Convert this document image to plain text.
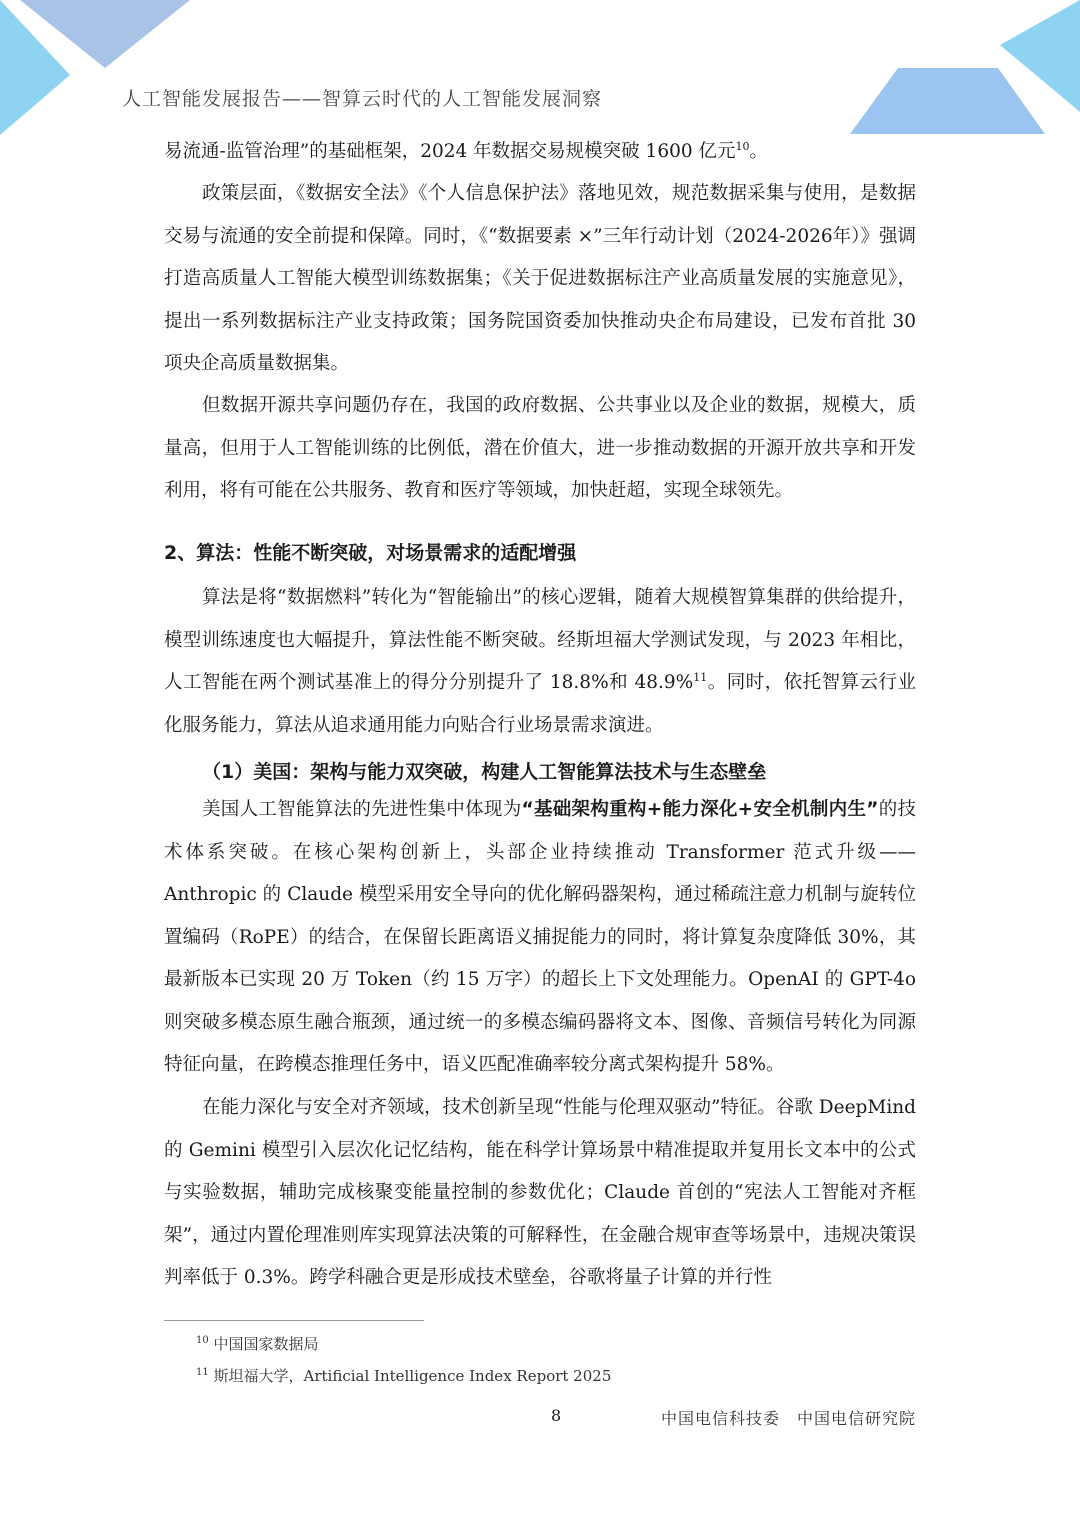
人工智能发展报告——智算云时代的人工智能发展洞察

易流通-监管治理”的基础框架，2024 年数据交易规模突破 1600 亿元$^{10}$。

政策层面，《数据安全法》《个人信息保护法》落地见效，规范数据采集与使用，是数据交易与流通的安全前提和保障。同时，《“数据要素 ×”三年行动计划（2024-2026年）》强调打造高质量人工智能大模型训练数据集；《关于促进数据标注产业高质量发展的实施意见》，提出一系列数据标注产业支持政策；国务院国资委加快推动央企布局建设，已发布首批 30 项央企高质量数据集。

但数据开源共享问题仍存在，我国的政府数据、公共事业以及企业的数据，规模大，质量高，但用于人工智能训练的比例低，潜在价值大，进一步推动数据的开源开放共享和开发利用，将有可能在公共服务、教育和医疗等领域，加快赶超，实现全球领先。

2、算法：性能不断突破，对场景需求的适配增强

算法是将“数据燃料”转化为“智能输出”的核心逻辑，随着大规模智算集群的供给提升，模型训练速度也大幅提升，算法性能不断突破。经斯坦福大学测试发现，与 2023 年相比，人工智能在两个测试基准上的得分分别提升了 18.8%和 48.9%$^{11}$。同时，依托智算云行业化服务能力，算法从追求通用能力向贴合行业场景需求演进。

（1）美国：架构与能力双突破，构建人工智能算法技术与生态壁垒

美国人工智能算法的先进性集中体现为“基础架构重构+能力深化+安全机制内生”的技术体系突破。在核心架构创新上，头部企业持续推动 Transformer 范式升级——Anthropic 的 Claude 模型采用安全导向的优化解码器架构，通过稀疏注意力机制与旋转位置编码（RoPE）的结合，在保留长距离语义捕捉能力的同时，将计算复杂度降低 30%，其最新版本已实现 20 万 Token（约 15 万字）的超长上下文处理能力。OpenAI 的 GPT-4o 则突破多模态原生融合瓶颈，通过统一的多模态编码器将文本、图像、音频信号转化为同源特征向量，在跨模态推理任务中，语义匹配准确率较分离式架构提升 58%。

在能力深化与安全对齐领域，技术创新呈现“性能与伦理双驱动”特征。谷歌 DeepMind 的 Gemini 模型引入层次化记忆结构，能在科学计算场景中精准提取并复用长文本中的公式与实验数据，辅助完成核聚变能量控制的参数优化；Claude 首创的“宪法人工智能对齐框架”，通过内置伦理准则库实现算法决策的可解释性，在金融合规审查等场景中，违规决策误判率低于 0.3%。跨学科融合更是形成技术壁垒，谷歌将量子计算的并行性

$^{10}$ 中国国家数据局
$^{11}$ 斯坦福大学，Artificial Intelligence Index Report 2025
8	中国电信科技委　中国电信研究院
